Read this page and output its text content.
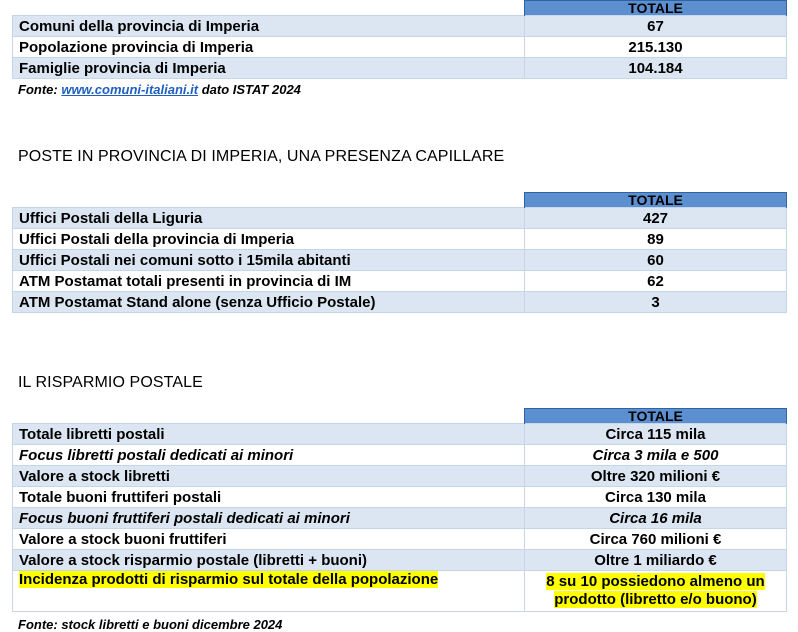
	TOTALE
Comuni della provincia di Imperia	67
Popolazione provincia di Imperia	215.130
Famiglie provincia di Imperia	104.184
Fonte: www.comuni-italiani.it dato ISTAT 2024
POSTE IN PROVINCIA DI IMPERIA, UNA PRESENZA CAPILLARE
	TOTALE
Uffici Postali della Liguria	427
Uffici Postali della provincia di Imperia	89
Uffici Postali nei comuni sotto i 15mila abitanti	60
ATM Postamat totali presenti in provincia di IM	62
ATM Postamat Stand alone (senza Ufficio Postale)	3
IL RISPARMIO POSTALE
	TOTALE
Totale libretti postali	Circa 115 mila
Focus libretti postali dedicati ai minori	Circa 3 mila e 500
Valore a stock libretti	Oltre 320 milioni €
Totale buoni fruttiferi postali	Circa 130 mila
Focus buoni fruttiferi postali dedicati ai minori	Circa 16 mila
Valore a stock buoni fruttiferi	Circa 760 milioni €
Valore a stock risparmio postale (libretti + buoni)	Oltre 1 miliardo €
Incidenza prodotti di risparmio sul totale della popolazione	8 su 10 possiedono almeno un prodotto (libretto e/o buono)
Fonte: stock libretti e buoni dicembre 2024
